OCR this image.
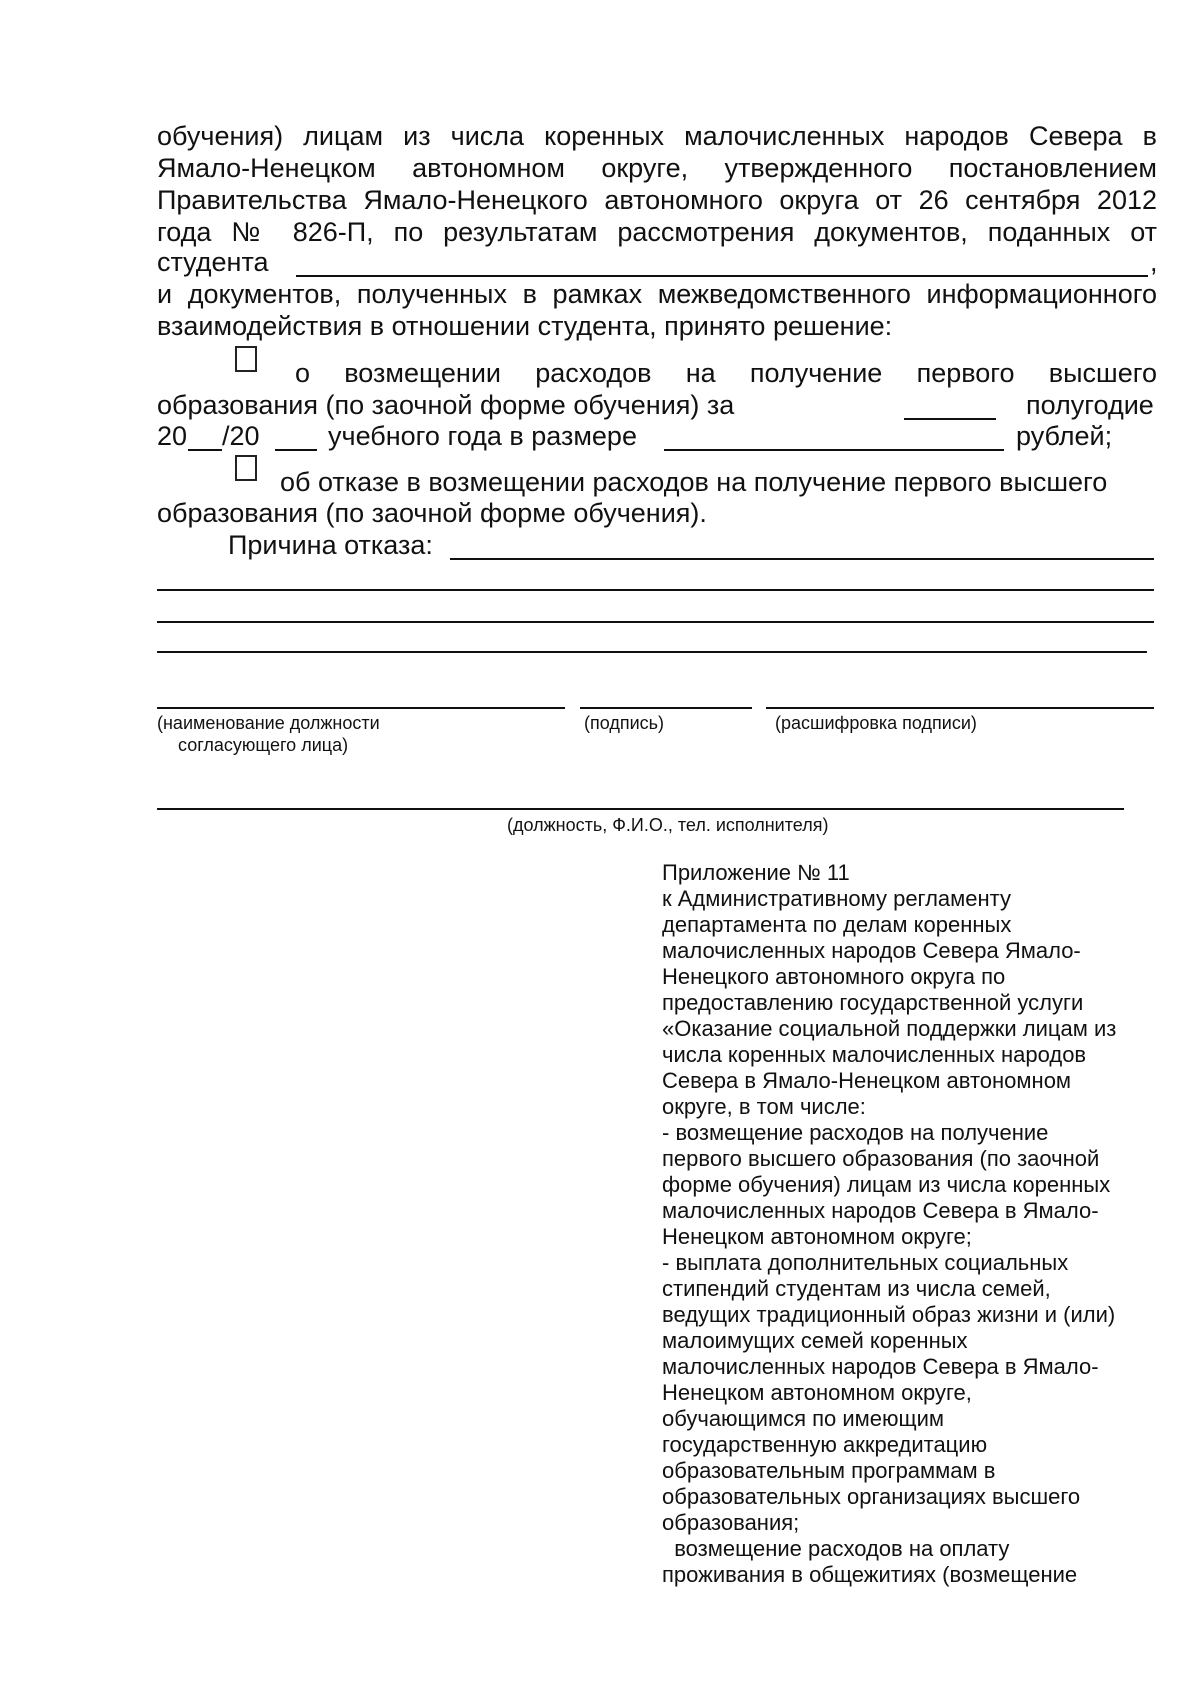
обучения) лицам из числа коренных малочисленных народов Севера в
Ямало-Ненецком автономном округе, утвержденного постановлением
Правительства Ямало-Ненецкого автономного округа от 26 сентября 2012
года № 826-П, по результатам рассмотрения документов, поданных от
студента	,
и документов, полученных в рамках межведомственного информационного
взаимодействия в отношении студента, принято решение:
о возмещении расходов на получение первого высшего
образования (по заочной форме обучения) за	полугодие
20 /20	учебного года в размере	рублей;
об отказе в возмещении расходов на получение первого высшего
образования (по заочной форме обучения).
Причина отказа:
(наименование должности
согласующего лица)
(подпись)	(расшифровка подписи)
(должность, Ф.И.О., тел. исполнителя)
Приложение № 11
к Административному регламенту
департамента по делам коренных
малочисленных народов Севера Ямало-
Ненецкого автономного округа по
предоставлению государственной услуги
«Оказание социальной поддержки лицам из
числа коренных малочисленных народов
Севера в Ямало-Ненецком автономном
округе, в том числе:
- возмещение расходов на получение
первого высшего образования (по заочной
форме обучения) лицам из числа коренных
малочисленных народов Севера в Ямало-
Ненецком автономном округе;
- выплата дополнительных социальных
стипендий студентам из числа семей,
ведущих традиционный образ жизни и (или)
малоимущих семей коренных
малочисленных народов Севера в Ямало-
Ненецком автономном округе,
обучающимся по имеющим
государственную аккредитацию
образовательным программам в
образовательных организациях высшего
образования;
возмещение расходов на оплату
проживания в общежитиях (возмещение
